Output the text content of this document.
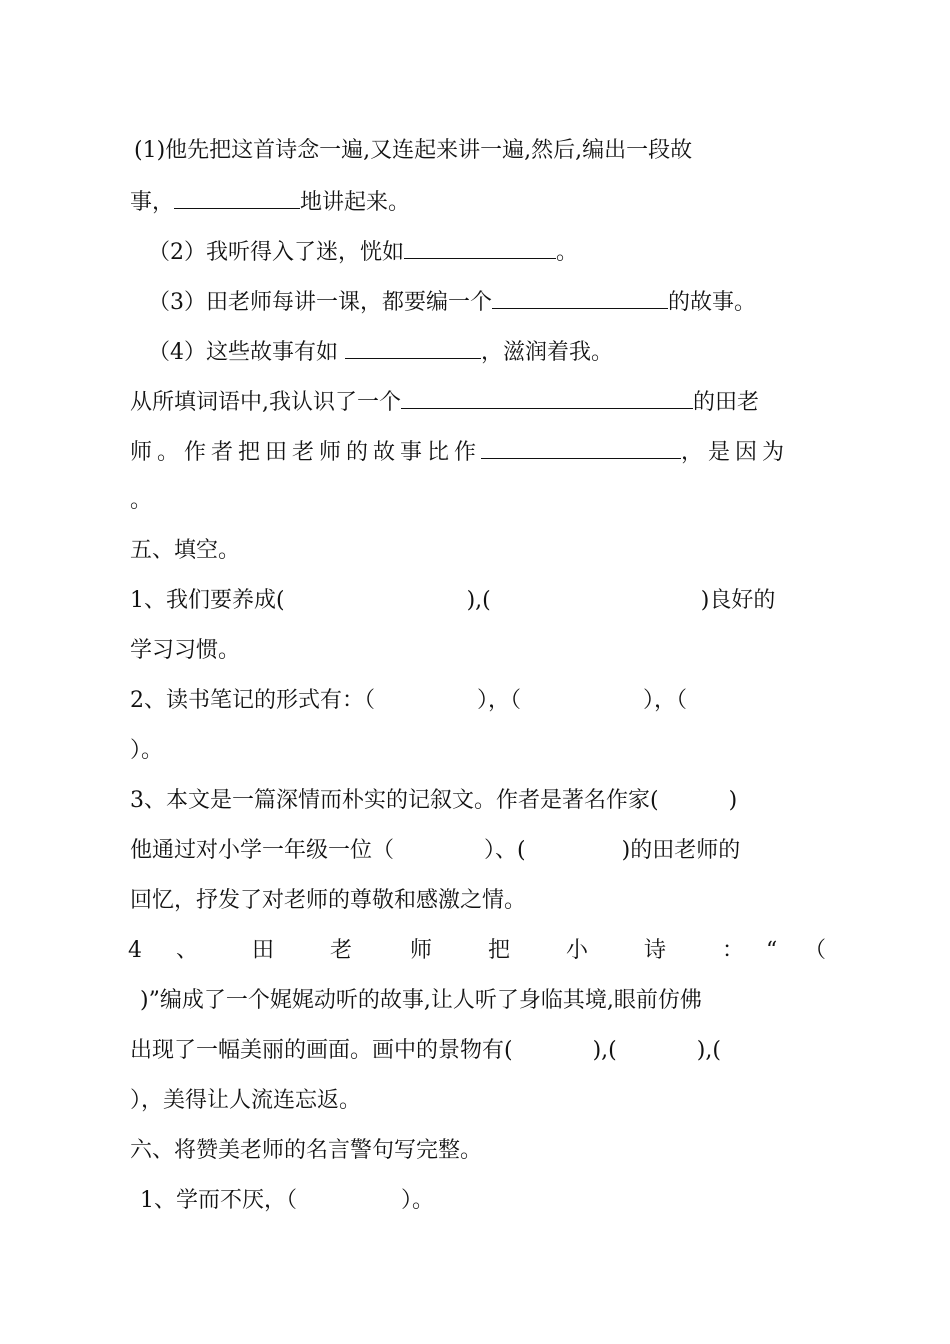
(1)他先把这首诗念一遍,又连起来讲一遍,然后,编出一段故
事，	地讲起来。
（2）我听得入了迷，恍如	。
（3）田老师每讲一课，都要编一个	的故事。
（4）这些故事有如	，滋润着我。
从所填词语中,我认识了一个	的田老
师。作者把田老师的故事比作	，是因为
。
五、填空。
1、我们要养成(	),(	)良好的
学习习惯。
2、读书笔记的形式有：（	），（	），（
）。
3、本文是一篇深情而朴实的记叙文。作者是著名作家(	)
他通过对小学一年级一位（	）、(	)的田老师的
回忆，抒发了对老师的尊敬和感激之情。
4 、 田	老	师	把	小	诗	： “ （
)”编成了一个娓娓动听的故事,让人听了身临其境,眼前仿佛
出现了一幅美丽的画面。画中的景物有(	),(	),(
），美得让人流连忘返。
六、将赞美老师的名言警句写完整。
1、学而不厌，（	）。
